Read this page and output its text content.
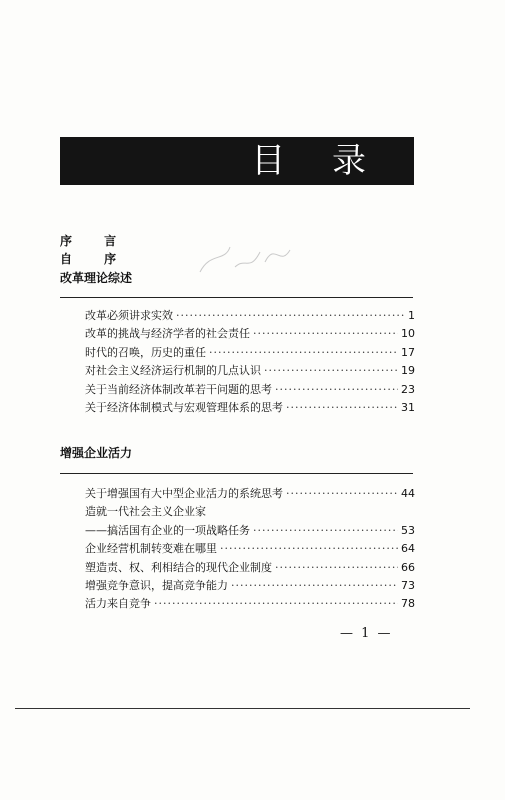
目 录
序 言
自 序
改革理论综述
改革必须讲求实效 ·····	1
改革的挑战与经济学者的社会责任 ·····	10
时代的召唤，历史的重任 ·····	17
对社会主义经济运行机制的几点认识 ·····	19
关于当前经济体制改革若干问题的思考 ·····	23
关于经济体制模式与宏观管理体系的思考 ·····	31
增强企业活力
关于增强国有大中型企业活力的系统思考 ·····	44
造就一代社会主义企业家
——搞活国有企业的一项战略任务 ·····	53
企业经营机制转变难在哪里 ·····	64
塑造责、权、利相结合的现代企业制度 ·····	66
增强竞争意识，提高竞争能力 ·····	73
活力来自竞争 ·····	78
— 1 —
